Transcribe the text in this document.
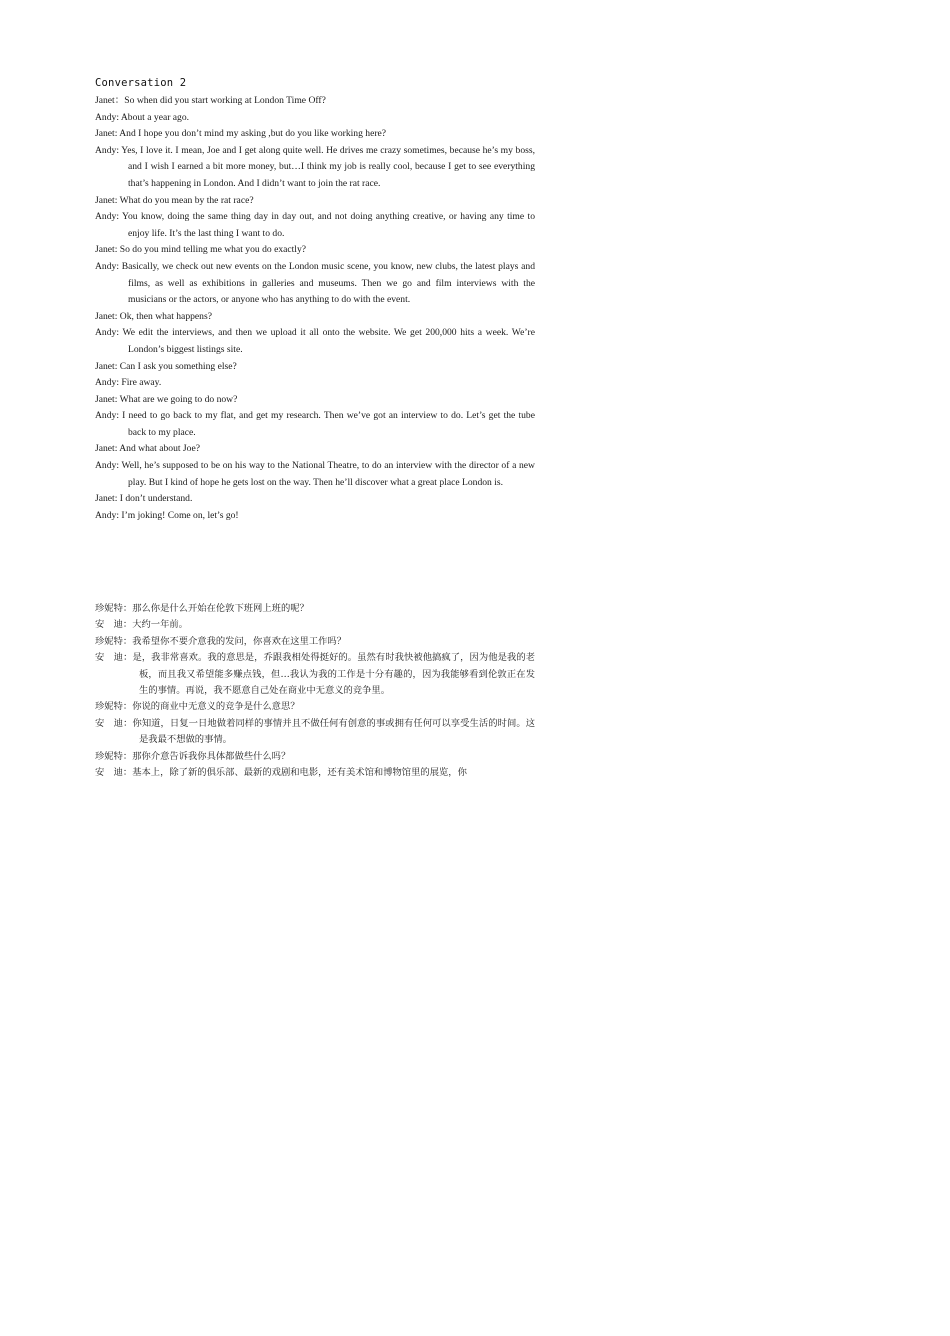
Conversation 2

Janet：So when did you start working at London Time Off?

Andy: About a year ago.

Janet: And I hope you don’t mind my asking ,but do you like working here?

Andy: Yes, I love it. I mean, Joe and I get along quite well. He drives me crazy sometimes, because he’s my boss, and I wish I earned a bit more money, but…I think my job is really cool, because I get to see everything that’s happening in London. And I didn’t want to join the rat race.

Janet: What do you mean by the rat race?

Andy: You know, doing the same thing day in day out, and not doing anything creative, or having any time to enjoy life. It’s the last thing I want to do.

Janet: So do you mind telling me what you do exactly?

Andy: Basically, we check out new events on the London music scene, you know, new clubs, the latest plays and films, as well as exhibitions in galleries and museums. Then we go and film interviews with the musicians or the actors, or anyone who has anything to do with the event.

Janet: Ok, then what happens?

Andy: We edit the interviews, and then we upload it all onto the website. We get 200,000 hits a week. We’re London’s biggest listings site.

Janet: Can I ask you something else?

Andy: Fire away.

Janet: What are we going to do now?

Andy: I need to go back to my flat, and get my research. Then we’ve got an interview to do. Let’s get the tube back to my place.

Janet: And what about Joe?

Andy: Well, he’s supposed to be on his way to the National Theatre, to do an interview with the director of a new play. But I kind of hope he gets lost on the way. Then he’ll discover what a great place London is.

Janet: I don’t understand.

Andy: I’m joking! Come on, let’s go!

珍妮特：那么你是什么开始在伦敦下班网上班的呢？

安　迪：大约一年前。

珍妮特：我希望你不要介意我的发问，你喜欢在这里工作吗？

安　迪：是，我非常喜欢。我的意思是，乔跟我相处得挺好的。虽然有时我快被他搞疯了，因为他是我的老板，而且我又希望能多赚点钱，但…我认为我的工作是十分有趣的，因为我能够看到伦敦正在发生的事情。再说，我不愿意自己处在商业中无意义的竞争里。

珍妮特：你说的商业中无意义的竞争是什么意思？

安　迪：你知道，日复一日地做着同样的事情并且不做任何有创意的事或拥有任何可以享受生活的时间。这是我最不想做的事情。

珍妮特：那你介意告诉我你具体都做些什么吗？

安　迪：基本上，除了新的俱乐部、最新的戏剧和电影，还有美术馆和博物馆里的展览，你
